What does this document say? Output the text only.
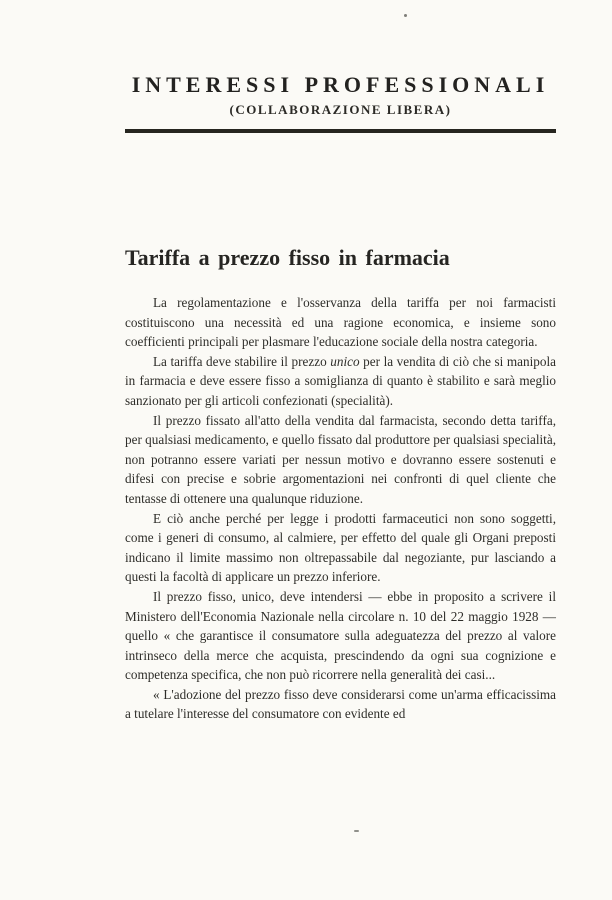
INTERESSI PROFESSIONALI
(COLLABORAZIONE LIBERA)
Tariffa a prezzo fisso in farmacia

La regolamentazione e l'osservanza della tariffa per noi farmacisti costituiscono una necessità ed una ragione economica, e insieme sono coefficienti principali per plasmare l'educazione sociale della nostra categoria.

La tariffa deve stabilire il prezzo unico per la vendita di ciò che si manipola in farmacia e deve essere fisso a somiglianza di quanto è stabilito e sarà meglio sanzionato per gli articoli confezionati (specialità).

Il prezzo fissato all'atto della vendita dal farmacista, secondo detta tariffa, per qualsiasi medicamento, e quello fissato dal produttore per qualsiasi specialità, non potranno essere variati per nessun motivo e dovranno essere sostenuti e difesi con precise e sobrie argomentazioni nei confronti di quel cliente che tentasse di ottenere una qualunque riduzione.

E ciò anche perché per legge i prodotti farmaceutici non sono soggetti, come i generi di consumo, al calmiere, per effetto del quale gli Organi preposti indicano il limite massimo non oltrepassabile dal negoziante, pur lasciando a questi la facoltà di applicare un prezzo inferiore.

Il prezzo fisso, unico, deve intendersi — ebbe in proposito a scrivere il Ministero dell'Economia Nazionale nella circolare n. 10 del 22 maggio 1928 — quello « che garantisce il consumatore sulla adeguatezza del prezzo al valore intrinseco della merce che acquista, prescindendo da ogni sua cognizione e competenza specifica, che non può ricorrere nella generalità dei casi...

« L'adozione del prezzo fisso deve considerarsi come un'arma efficacissima a tutelare l'interesse del consumatore con evidente ed
